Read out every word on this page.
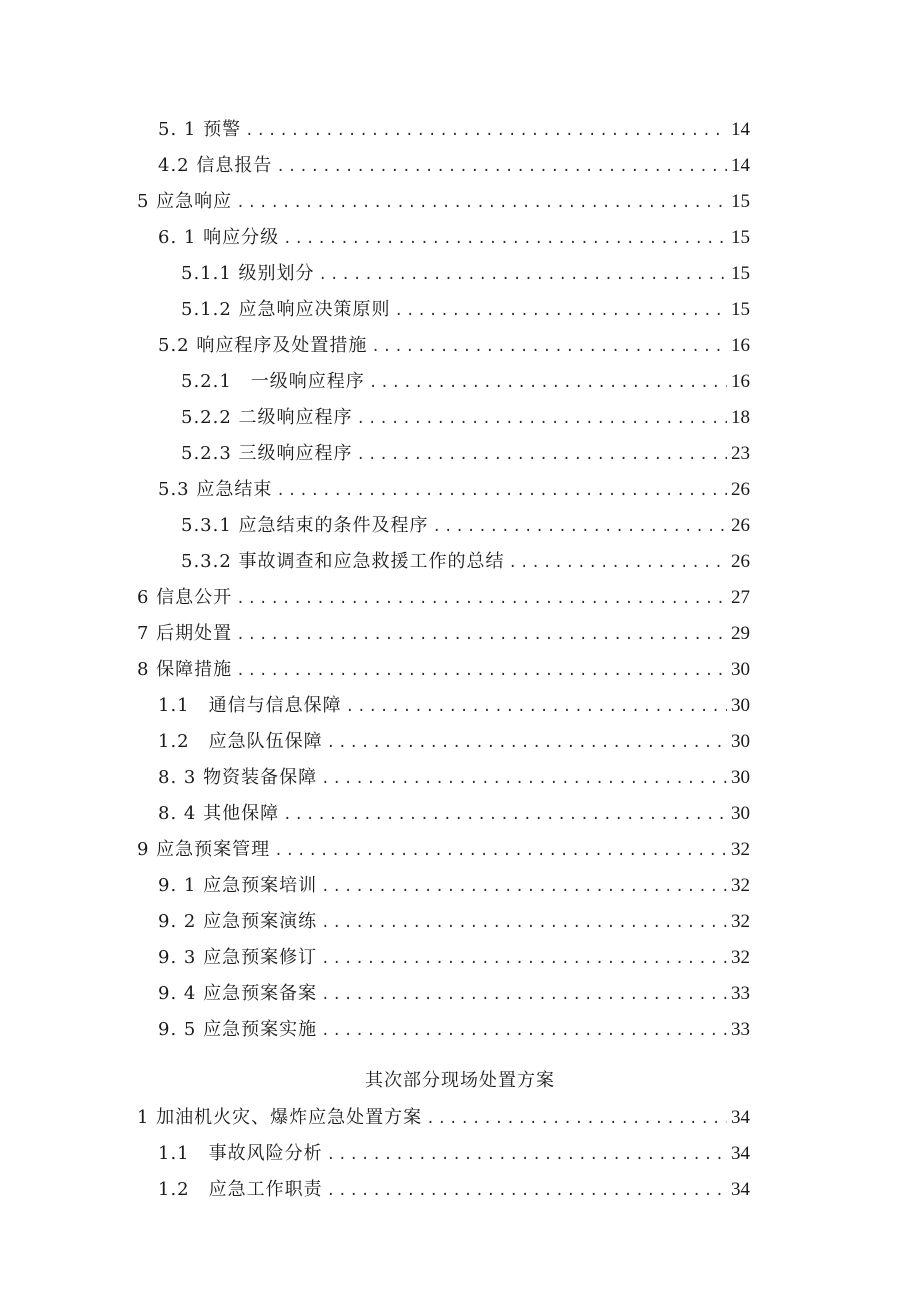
5. 1 预警 .....	14
4.2 信息报告 .....	14
5 应急响应 .....	15
6. 1 响应分级 .....	15
5.1.1 级别划分 .....	15
5.1.2 应急响应决策原则 .....	15
5.2 响应程序及处置措施 .....	16
5.2.1　一级响应程序 .....	16
5.2.2 二级响应程序 .....	18
5.2.3 三级响应程序 .....	23
5.3 应急结束 .....	26
5.3.1 应急结束的条件及程序 .....	26
5.3.2 事故调查和应急救援工作的总结 .....	26
6 信息公开 .....	27
7 后期处置 .....	29
8 保障措施 .....	30
1.1　通信与信息保障 .....	30
1.2　应急队伍保障 .....	30
8. 3 物资装备保障 .....	30
8. 4 其他保障 .....	30
9 应急预案管理 .....	32
9. 1 应急预案培训 .....	32
9. 2 应急预案演练 .....	32
9. 3 应急预案修订 .....	32
9. 4 应急预案备案 .....	33
9. 5 应急预案实施 .....	33
其次部分现场处置方案
1 加油机火灾、爆炸应急处置方案 .....	34
1.1　事故风险分析 .....	34
1.2　应急工作职责 .....	34
